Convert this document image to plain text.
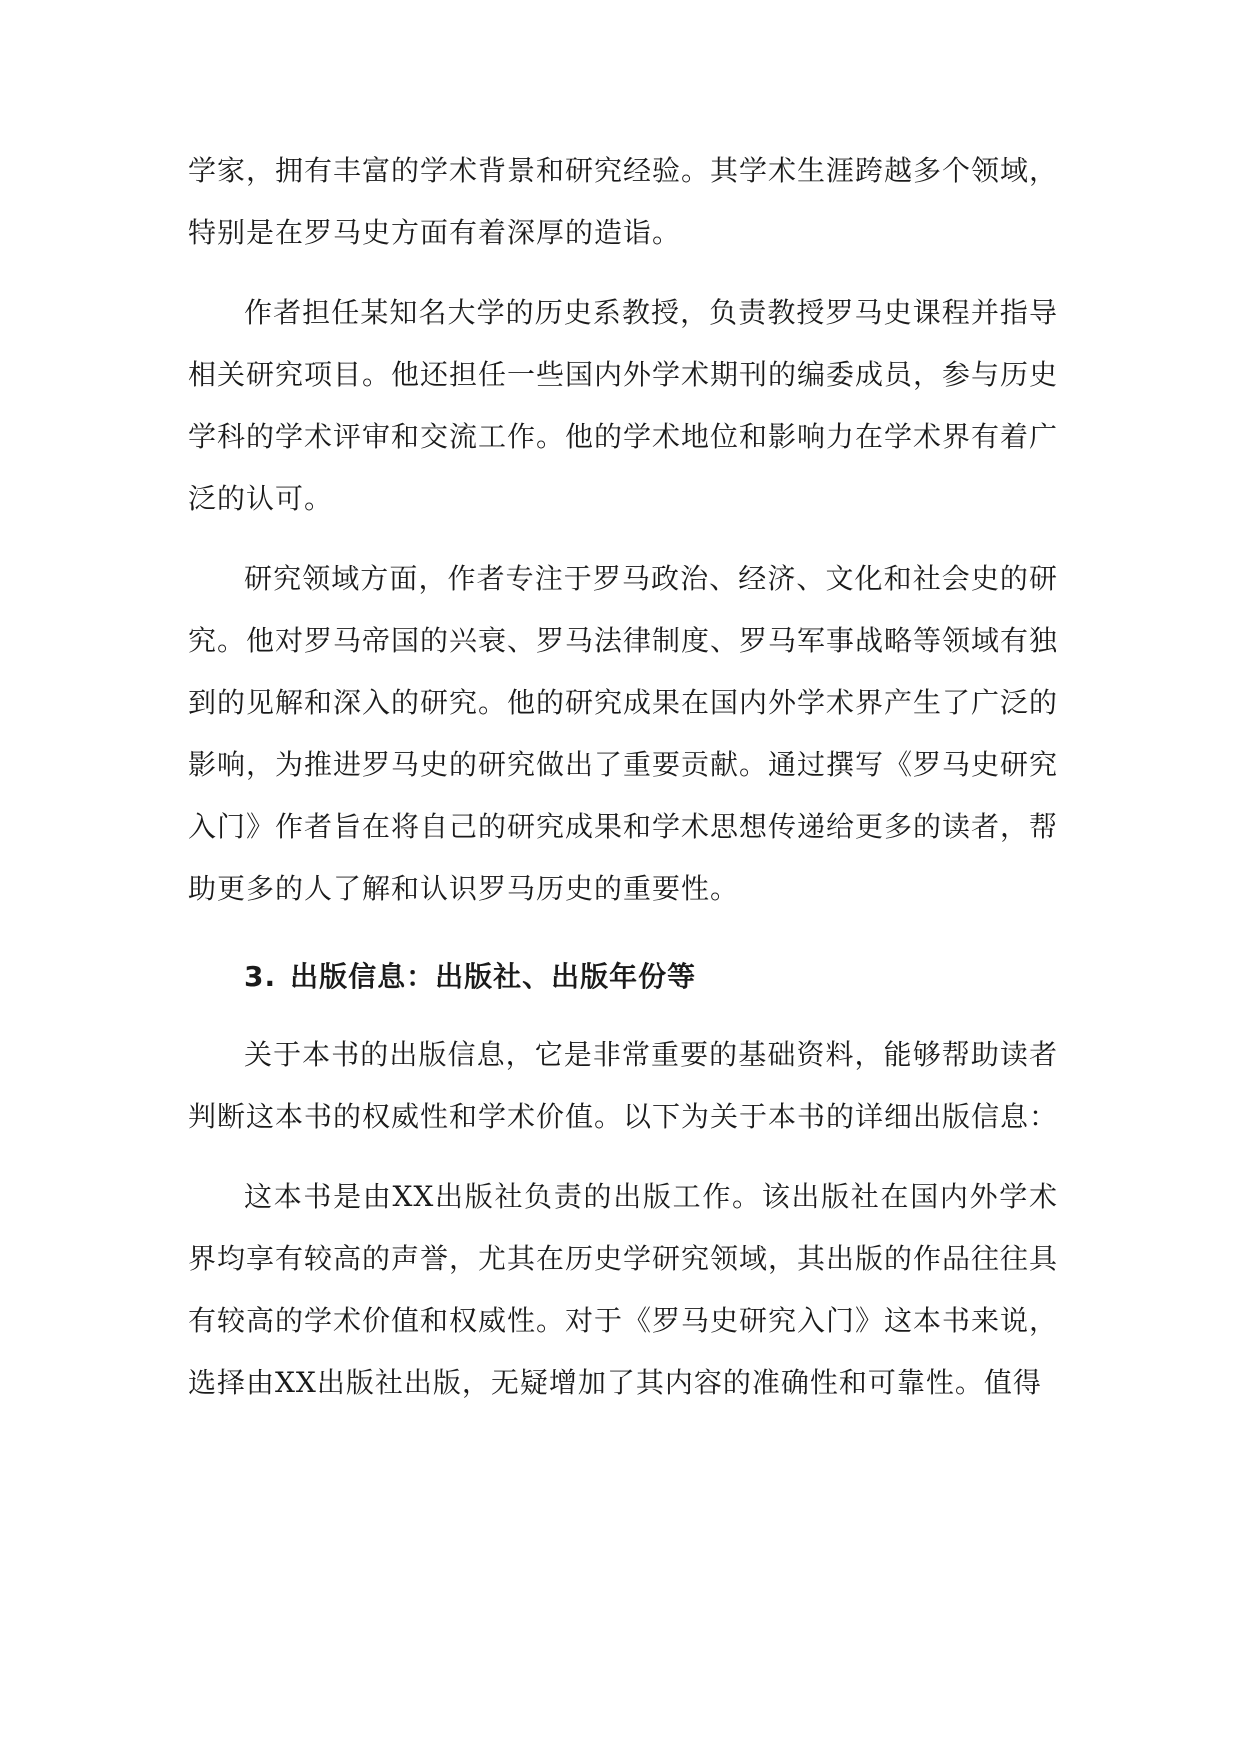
学家，拥有丰富的学术背景和研究经验。其学术生涯跨越多个领域，特别是在罗马史方面有着深厚的造诣。

作者担任某知名大学的历史系教授，负责教授罗马史课程并指导相关研究项目。他还担任一些国内外学术期刊的编委成员，参与历史学科的学术评审和交流工作。他的学术地位和影响力在学术界有着广泛的认可。

研究领域方面，作者专注于罗马政治、经济、文化和社会史的研究。他对罗马帝国的兴衰、罗马法律制度、罗马军事战略等领域有独到的见解和深入的研究。他的研究成果在国内外学术界产生了广泛的影响，为推进罗马史的研究做出了重要贡献。通过撰写《罗马史研究入门》作者旨在将自己的研究成果和学术思想传递给更多的读者，帮助更多的人了解和认识罗马历史的重要性。

3. 出版信息：出版社、出版年份等

关于本书的出版信息，它是非常重要的基础资料，能够帮助读者判断这本书的权威性和学术价值。以下为关于本书的详细出版信息：

这本书是由XX出版社负责的出版工作。该出版社在国内外学术界均享有较高的声誉，尤其在历史学研究领域，其出版的作品往往具有较高的学术价值和权威性。对于《罗马史研究入门》这本书来说，选择由XX出版社出版，无疑增加了其内容的准确性和可靠性。值得
